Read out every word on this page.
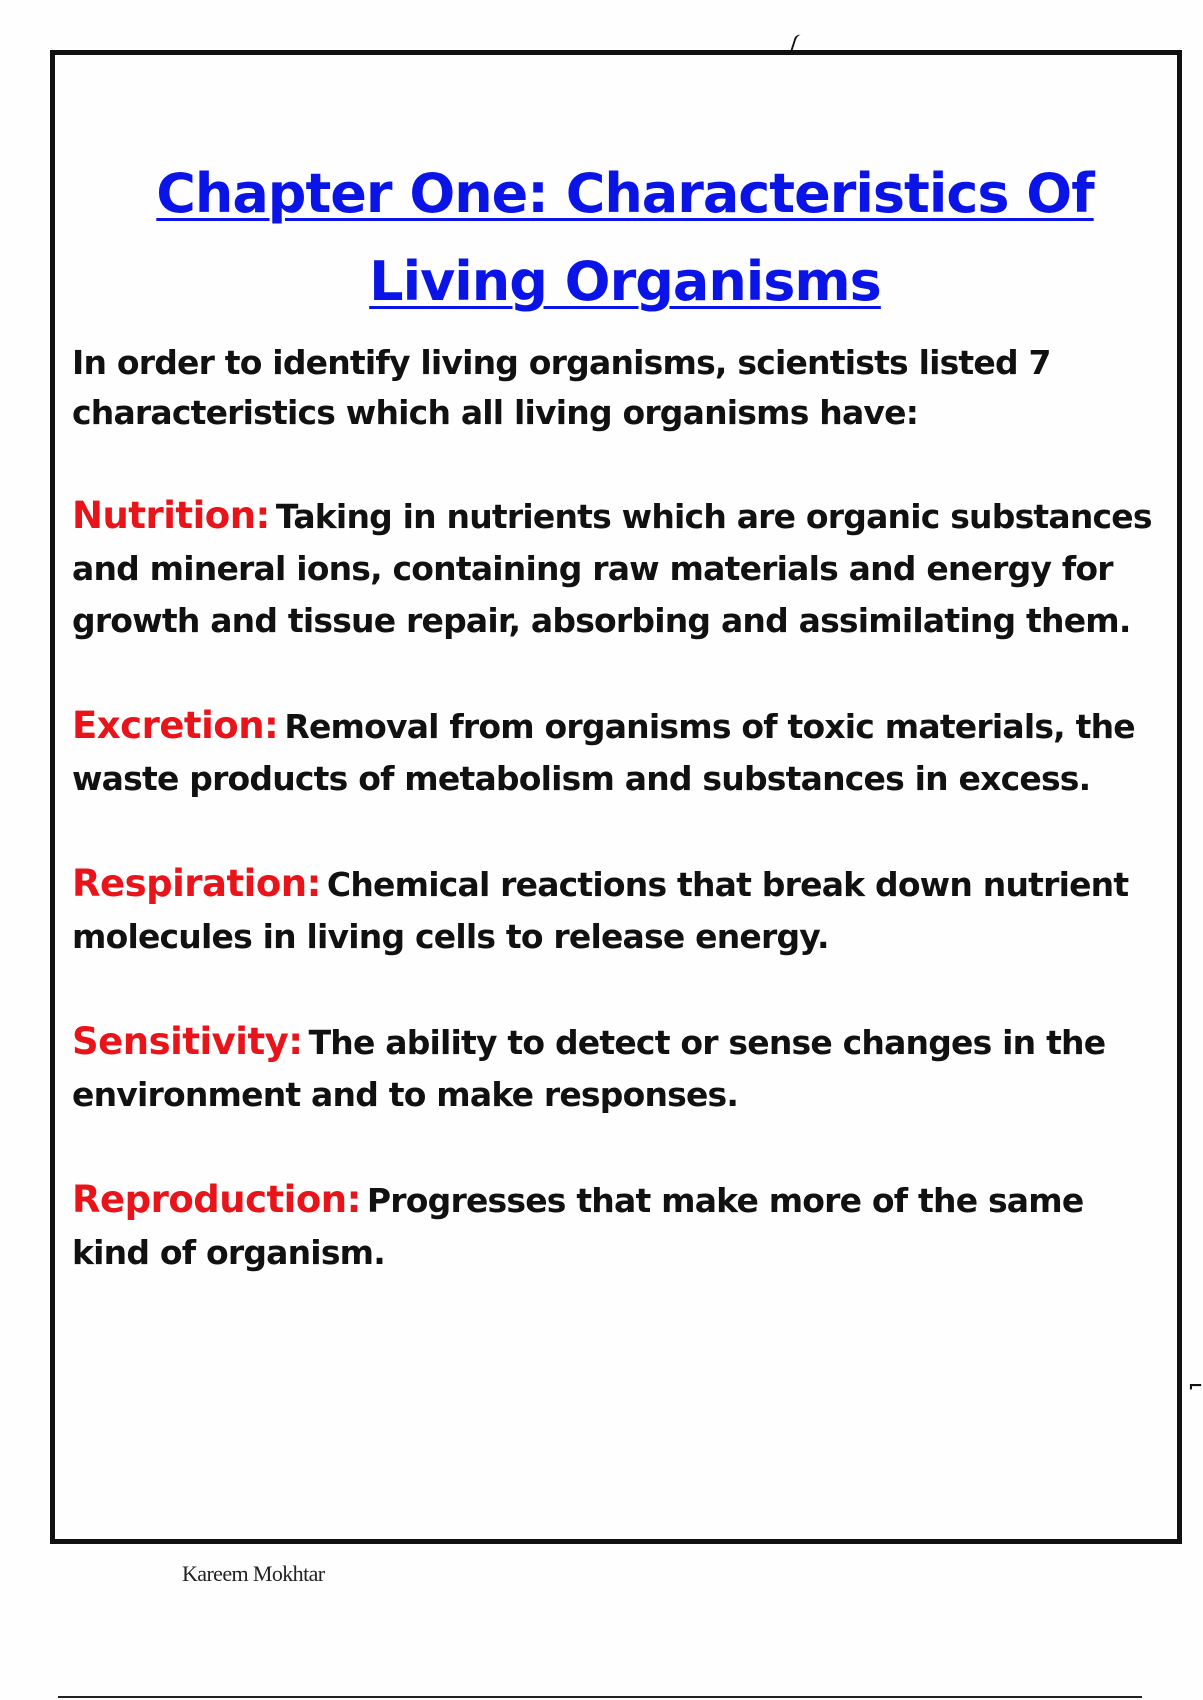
⌐
Chapter One: Characteristics Of Living Organisms

In order to identify living organisms, scientists listed 7 characteristics which all living organisms have:

Nutrition: Taking in nutrients which are organic substances and mineral ions, containing raw materials and energy for growth and tissue repair, absorbing and assimilating them.

Excretion: Removal from organisms of toxic materials, the waste products of metabolism and substances in excess.

Respiration: Chemical reactions that break down nutrient molecules in living cells to release energy.

Sensitivity: The ability to detect or sense changes in the environment and to make responses.

Reproduction: Progresses that make more of the same kind of organism.

Kareem Mokhtar
